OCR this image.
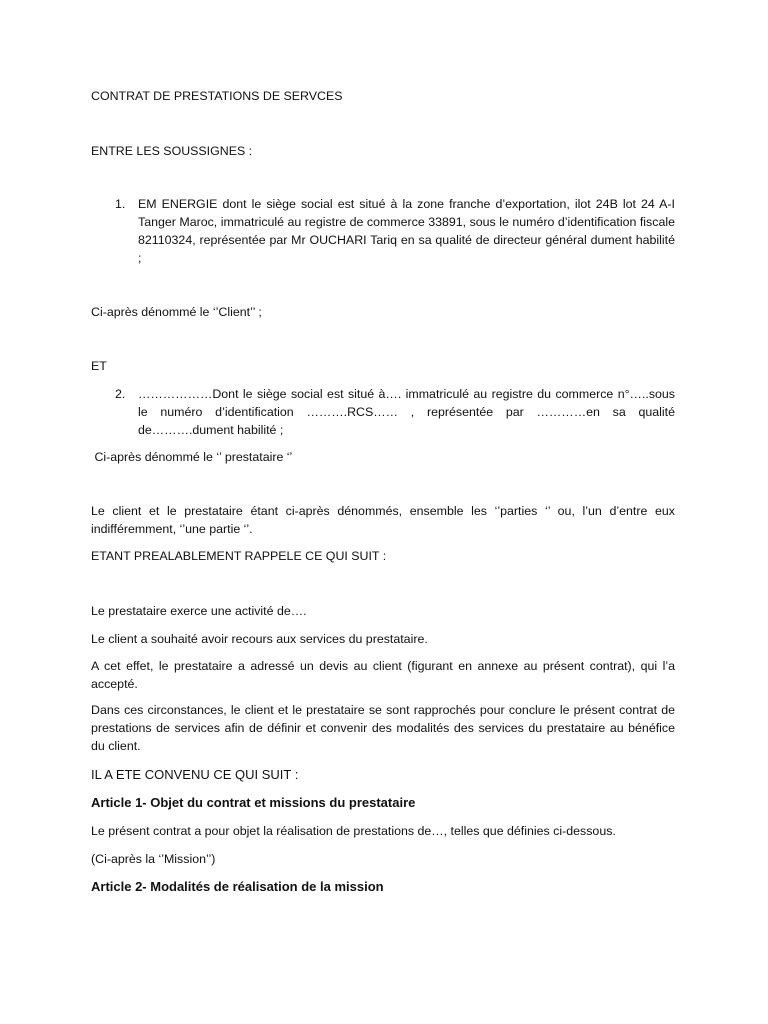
CONTRAT DE PRESTATIONS DE SERVCES

ENTRE LES SOUSSIGNES :

1. EM ENERGIE dont le siège social est situé à la zone franche d’exportation, ilot 24B lot 24 A-I Tanger Maroc, immatriculé au registre de commerce 33891, sous le numéro d’identification fiscale 82110324, représentée par Mr OUCHARI Tariq en sa qualité de directeur général dument habilité ;

Ci-après dénommé le ‘’Client’’ ;

ET

2. ………………Dont le siège social est situé à…. immatriculé au registre du commerce n°…..sous le numéro d’identification ……….RCS…… , représentée par …………en sa qualité de……….dument habilité ;

Ci-après dénommé le ‘’ prestataire ‘’

Le client et le prestataire étant ci-après dénommés, ensemble les ‘’parties ‘’ ou, l’un d’entre eux indifféremment, ‘’une partie ‘’.

ETANT PREALABLEMENT RAPPELE CE QUI SUIT :

Le prestataire exerce une activité de….

Le client a souhaité avoir recours aux services du prestataire.

A cet effet, le prestataire a adressé un devis au client (figurant en annexe au présent contrat), qui l’a accepté.

Dans ces circonstances, le client et le prestataire se sont rapprochés pour conclure le présent contrat de prestations de services afin de définir et convenir des modalités des services du prestataire au bénéfice du client.

IL A ETE CONVENU CE QUI SUIT :

Article 1- Objet du contrat et missions du prestataire

Le présent contrat a pour objet la réalisation de prestations de…, telles que définies ci-dessous.

(Ci-après la ‘’Mission’’)

Article 2- Modalités de réalisation de la mission
